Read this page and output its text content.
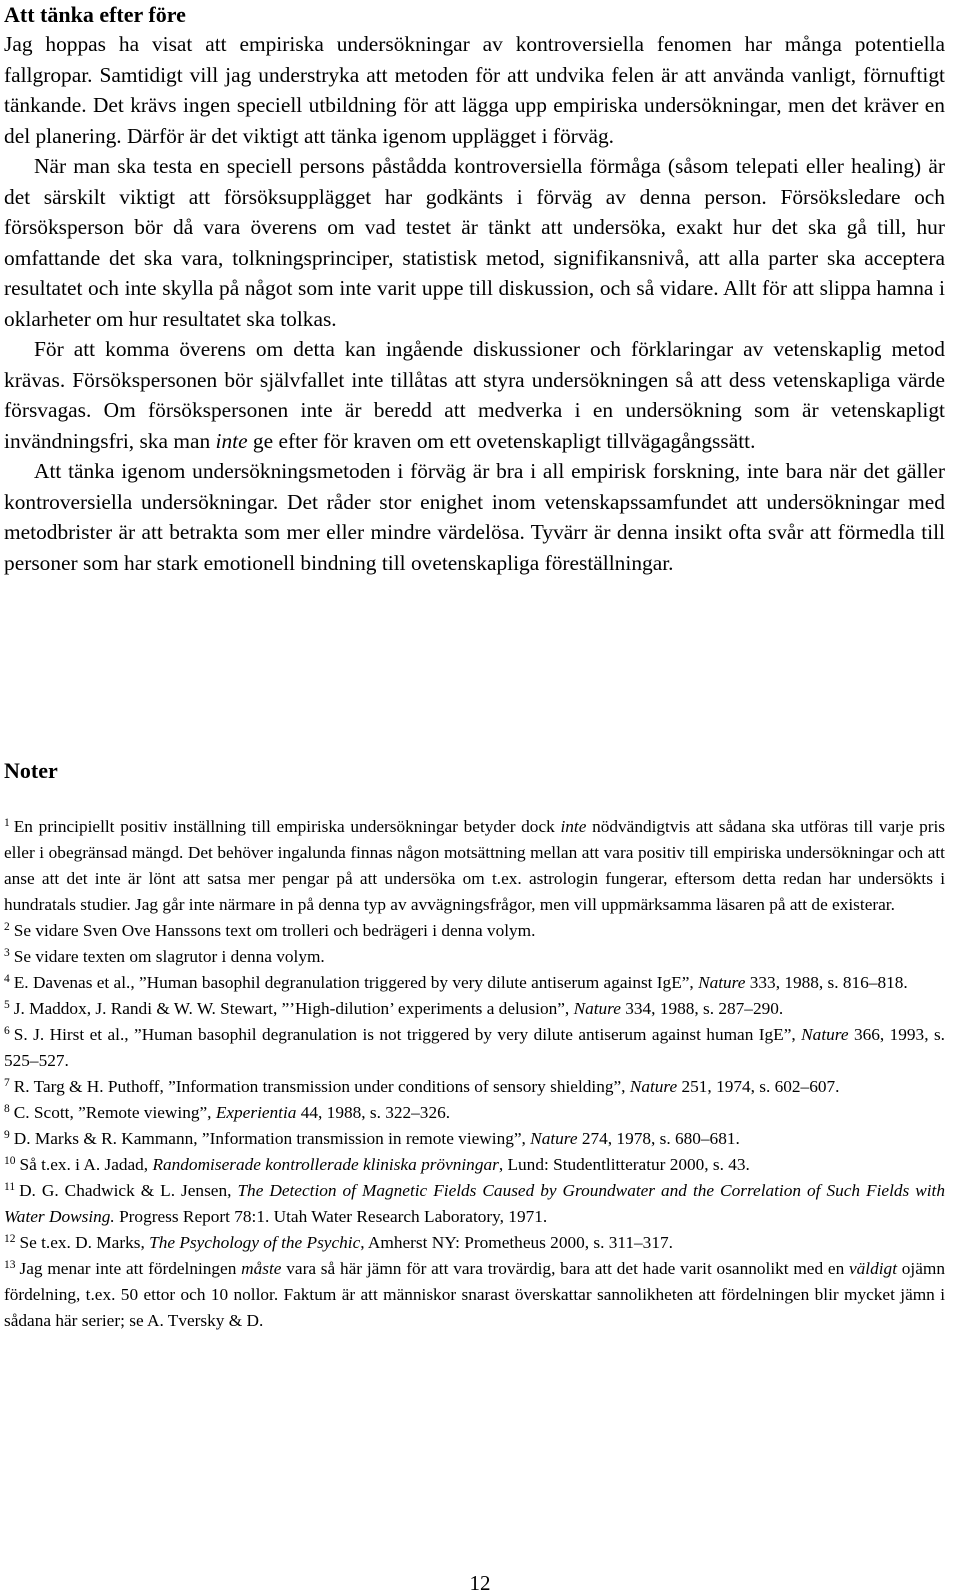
Att tänka efter före

Jag hoppas ha visat att empiriska undersökningar av kontroversiella fenomen har många potentiella fallgropar. Samtidigt vill jag understryka att metoden för att undvika felen är att använda vanligt, förnuftigt tänkande. Det krävs ingen speciell utbildning för att lägga upp empiriska undersökningar, men det kräver en del planering. Därför är det viktigt att tänka igenom upplägget i förväg.

När man ska testa en speciell persons påstådda kontroversiella förmåga (såsom telepati eller healing) är det särskilt viktigt att försöksupplägget har godkänts i förväg av denna person. Försöksledare och försöksperson bör då vara överens om vad testet är tänkt att undersöka, exakt hur det ska gå till, hur omfattande det ska vara, tolkningsprinciper, statistisk metod, signifikansnivå, att alla parter ska acceptera resultatet och inte skylla på något som inte varit uppe till diskussion, och så vidare. Allt för att slippa hamna i oklarheter om hur resultatet ska tolkas.

För att komma överens om detta kan ingående diskussioner och förklaringar av vetenskaplig metod krävas. Försökspersonen bör självfallet inte tillåtas att styra undersökningen så att dess vetenskapliga värde försvagas. Om försökspersonen inte är beredd att medverka i en undersökning som är vetenskapligt invändningsfri, ska man inte ge efter för kraven om ett ovetenskapligt tillvägagångssätt.

Att tänka igenom undersökningsmetoden i förväg är bra i all empirisk forskning, inte bara när det gäller kontroversiella undersökningar. Det råder stor enighet inom vetenskapssamfundet att undersökningar med metodbrister är att betrakta som mer eller mindre värdelösa. Tyvärr är denna insikt ofta svår att förmedla till personer som har stark emotionell bindning till ovetenskapliga föreställningar.

Noter

$^1$ En principiellt positiv inställning till empiriska undersökningar betyder dock inte nödvändigtvis att sådana ska utföras till varje pris eller i obegränsad mängd. Det behöver ingalunda finnas någon motsättning mellan att vara positiv till empiriska undersökningar och att anse att det inte är lönt att satsa mer pengar på att undersöka om t.ex. astrologin fungerar, eftersom detta redan har undersökts i hundratals studier. Jag går inte närmare in på denna typ av avvägningsfrågor, men vill uppmärksamma läsaren på att de existerar.

$^2$ Se vidare Sven Ove Hanssons text om trolleri och bedrägeri i denna volym.

$^3$ Se vidare texten om slagrutor i denna volym.

$^4$ E. Davenas et al., ”Human basophil degranulation triggered by very dilute antiserum against IgE”, Nature 333, 1988, s. 816–818.

$^5$ J. Maddox, J. Randi & W. W. Stewart, ”’High-dilution’ experiments a delusion”, Nature 334, 1988, s. 287–290.

$^6$ S. J. Hirst et al., ”Human basophil degranulation is not triggered by very dilute antiserum against human IgE”, Nature 366, 1993, s. 525–527.

$^7$ R. Targ & H. Puthoff, ”Information transmission under conditions of sensory shielding”, Nature 251, 1974, s. 602–607.

$^8$ C. Scott, ”Remote viewing”, Experientia 44, 1988, s. 322–326.

$^9$ D. Marks & R. Kammann, ”Information transmission in remote viewing”, Nature 274, 1978, s. 680–681.

$^{10}$ Så t.ex. i A. Jadad, Randomiserade kontrollerade kliniska prövningar, Lund: Studentlitteratur 2000, s. 43.

$^{11}$ D. G. Chadwick & L. Jensen, The Detection of Magnetic Fields Caused by Groundwater and the Correlation of Such Fields with Water Dowsing. Progress Report 78:1. Utah Water Research Laboratory, 1971.

$^{12}$ Se t.ex. D. Marks, The Psychology of the Psychic, Amherst NY: Prometheus 2000, s. 311–317.

$^{13}$ Jag menar inte att fördelningen måste vara så här jämn för att vara trovärdig, bara att det hade varit osannolikt med en väldigt ojämn fördelning, t.ex. 50 ettor och 10 nollor. Faktum är att människor snarast överskattar sannolikheten att fördelningen blir mycket jämn i sådana här serier; se A. Tversky & D.

12
